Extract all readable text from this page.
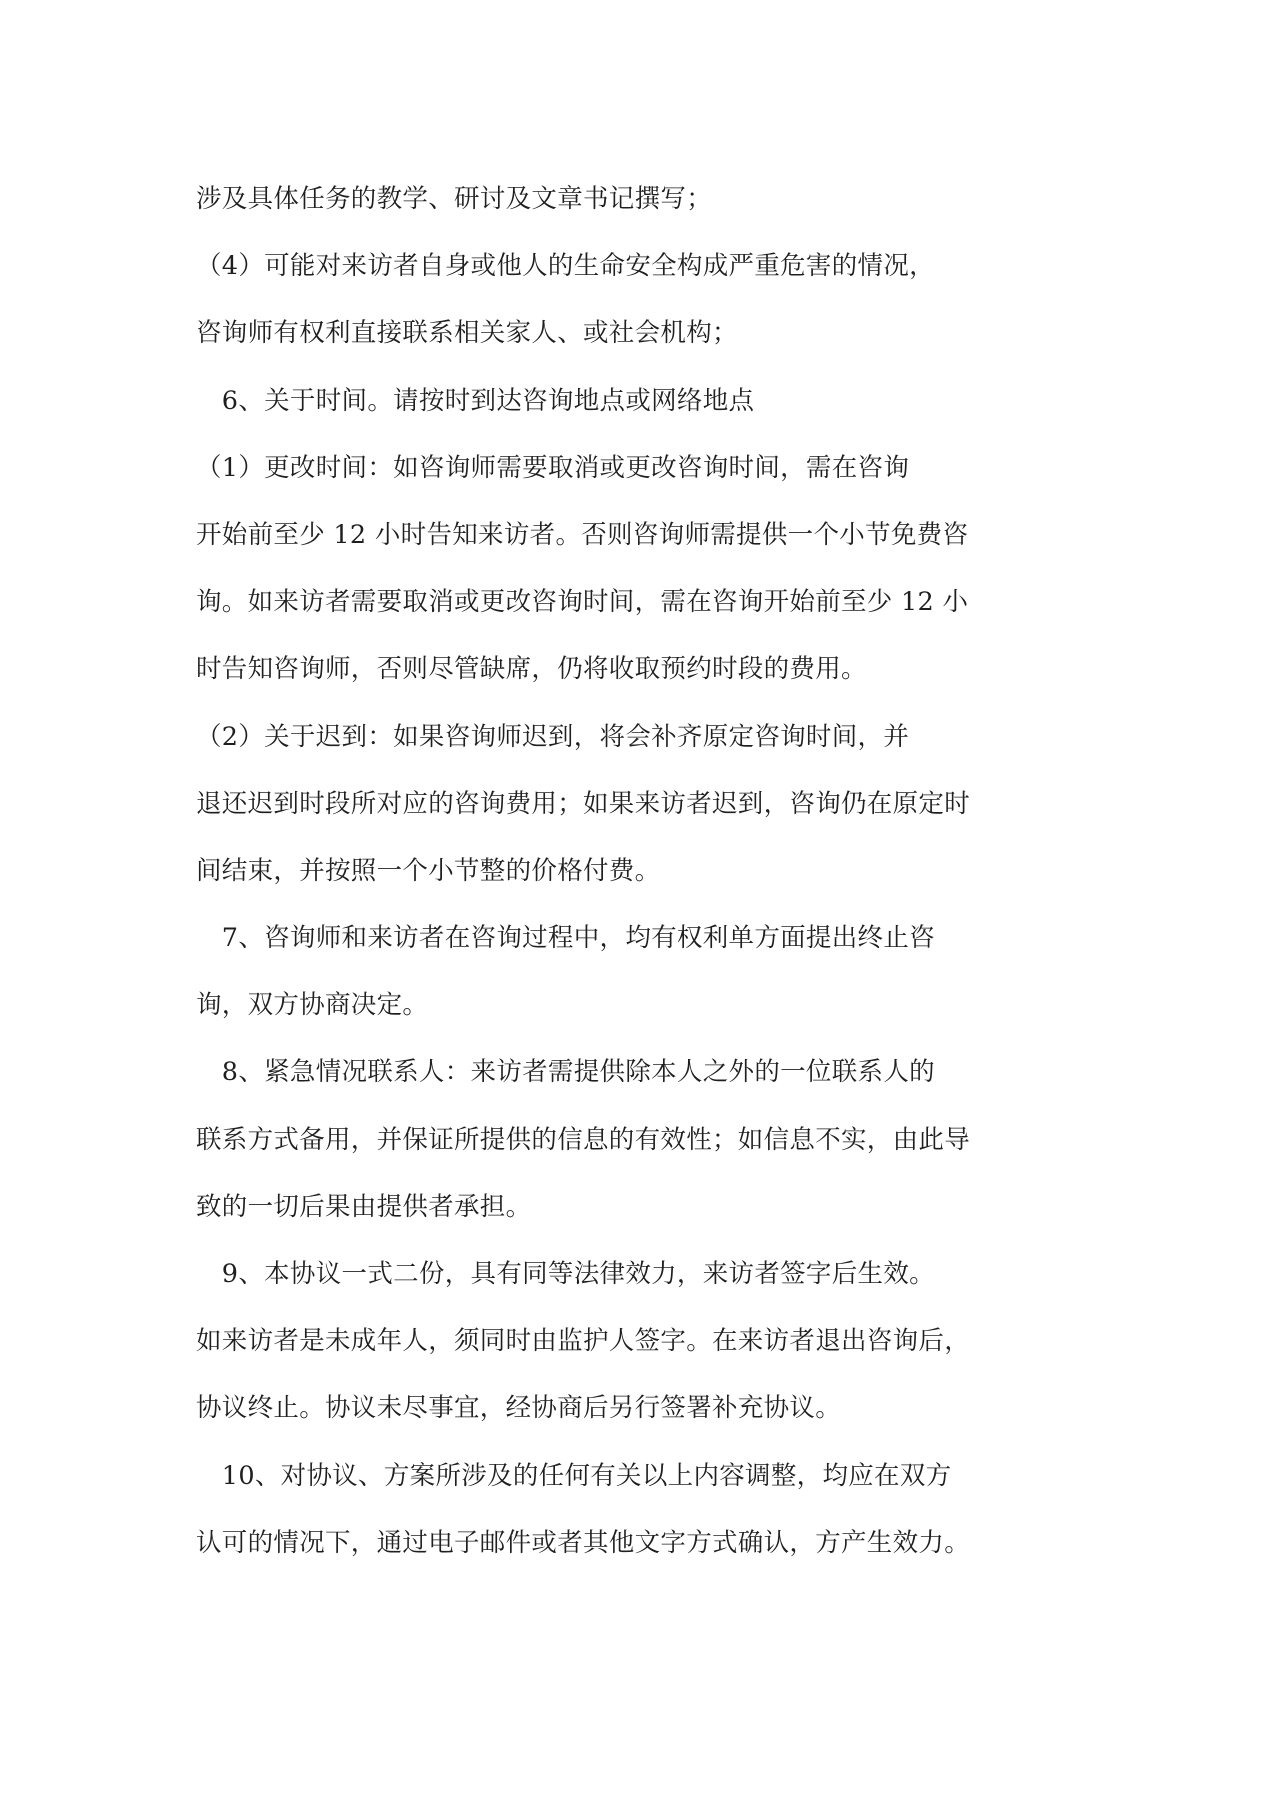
涉及具体任务的教学、研讨及文章书记撰写；
（4）可能对来访者自身或他人的生命安全构成严重危害的情况，
咨询师有权利直接联系相关家人、或社会机构；
　6、关于时间。请按时到达咨询地点或网络地点
（1）更改时间：如咨询师需要取消或更改咨询时间，需在咨询
开始前至少 12 小时告知来访者。否则咨询师需提供一个小节免费咨
询。如来访者需要取消或更改咨询时间，需在咨询开始前至少 12 小
时告知咨询师，否则尽管缺席，仍将收取预约时段的费用。
（2）关于迟到：如果咨询师迟到，将会补齐原定咨询时间，并
退还迟到时段所对应的咨询费用；如果来访者迟到，咨询仍在原定时
间结束，并按照一个小节整的价格付费。
　7、咨询师和来访者在咨询过程中，均有权利单方面提出终止咨
询，双方协商决定。
　8、紧急情况联系人：来访者需提供除本人之外的一位联系人的
联系方式备用，并保证所提供的信息的有效性；如信息不实，由此导
致的一切后果由提供者承担。
　9、本协议一式二份，具有同等法律效力，来访者签字后生效。
如来访者是未成年人，须同时由监护人签字。在来访者退出咨询后，
协议终止。协议未尽事宜，经协商后另行签署补充协议。
　10、对协议、方案所涉及的任何有关以上内容调整，均应在双方
认可的情况下，通过电子邮件或者其他文字方式确认，方产生效力。
